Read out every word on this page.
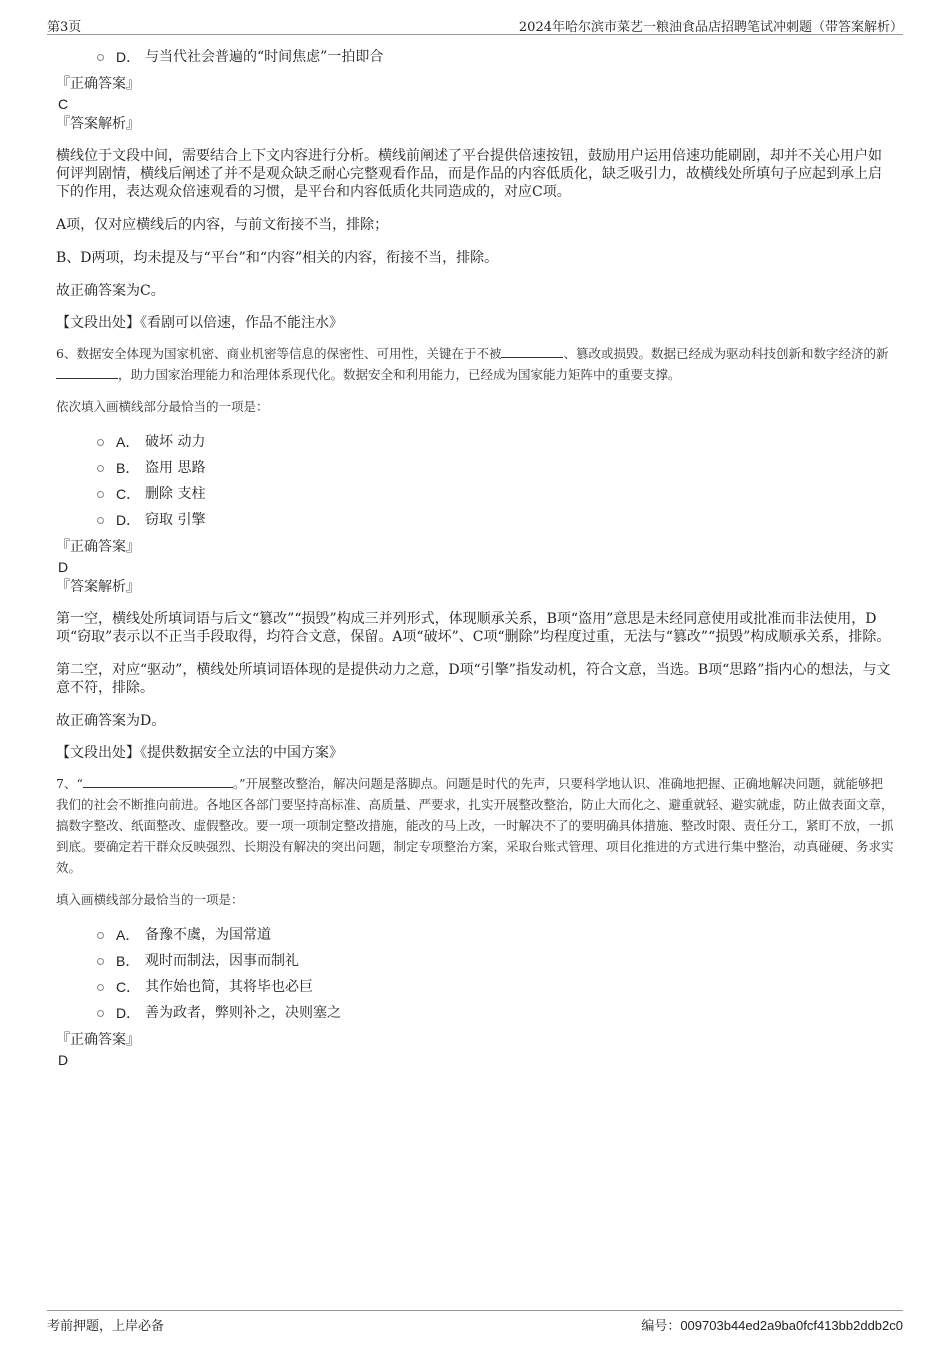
第3页	2024年哈尔滨市菜艺一粮油食品店招聘笔试冲刺题（带答案解析）
D． 与当代社会普遍的“时间焦虑”一拍即合

『正确答案』

C

『答案解析』

横线位于文段中间，需要结合上下文内容进行分析。横线前阐述了平台提供倍速按钮，鼓励用户运用倍速功能刷剧，却并不关心用户如何评判剧情，横线后阐述了并不是观众缺乏耐心完整观看作品，而是作品的内容低质化，缺乏吸引力，故横线处所填句子应起到承上启下的作用，表达观众倍速观看的习惯，是平台和内容低质化共同造成的，对应C项。

A项，仅对应横线后的内容，与前文衔接不当，排除；

B、D两项，均未提及与“平台”和“内容”相关的内容，衔接不当，排除。

故正确答案为C。

【文段出处】《看剧可以倍速，作品不能注水》

6、数据安全体现为国家机密、商业机密等信息的保密性、可用性，关键在于不被	、篡改或损毁。数据已经成为驱动科技创新和数字经济的新，助力国家治理能力和治理体系现代化。数据安全和利用能力，已经成为国家能力矩阵中的重要支撑。

依次填入画横线部分最恰当的一项是：

A． 破坏 动力
B． 盗用 思路
C． 删除 支柱
D． 窃取 引擎

『正确答案』

D

『答案解析』

第一空，横线处所填词语与后文“篡改”“损毁”构成三并列形式，体现顺承关系，B项“盗用”意思是未经同意使用或批准而非法使用，D项“窃取”表示以不正当手段取得，均符合文意，保留。A项“破坏”、C项“删除”均程度过重，无法与“篡改”“损毁”构成顺承关系，排除。

第二空，对应“驱动”，横线处所填词语体现的是提供动力之意，D项“引擎”指发动机，符合文意，当选。B项“思路”指内心的想法，与文意不符，排除。

故正确答案为D。

【文段出处】《提供数据安全立法的中国方案》

7、“	。”开展整改整治，解决问题是落脚点。问题是时代的先声，只要科学地认识、准确地把握、正确地解决问题，就能够把我们的社会不断推向前进。各地区各部门要坚持高标准、高质量、严要求，扎实开展整改整治，防止大而化之、避重就轻、避实就虚，防止做表面文章，搞数字整改、纸面整改、虚假整改。要一项一项制定整改措施，能改的马上改，一时解决不了的要明确具体措施、整改时限、责任分工，紧盯不放，一抓到底。要确定若干群众反映强烈、长期没有解决的突出问题，制定专项整治方案，采取台账式管理、项目化推进的方式进行集中整治，动真碰硬、务求实效。

填入画横线部分最恰当的一项是：

A． 备豫不虞，为国常道
B． 观时而制法，因事而制礼
C． 其作始也简，其将毕也必巨
D． 善为政者，弊则补之，决则塞之

『正确答案』

D

考前押题，上岸必备	编号：009703b44ed2a9ba0fcf413bb2ddb2c0
